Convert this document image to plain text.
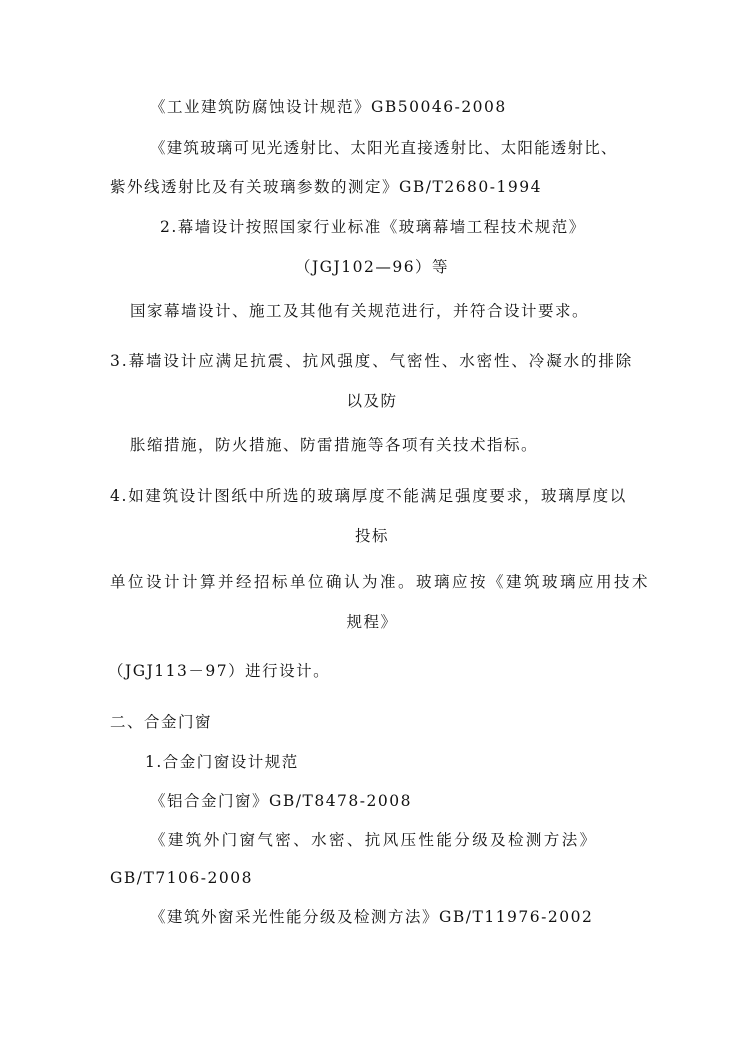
《工业建筑防腐蚀设计规范》GB50046-2008
《建筑玻璃可见光透射比、太阳光直接透射比、太阳能透射比、
紫外线透射比及有关玻璃参数的测定》GB/T2680-1994
2.幕墙设计按照国家行业标准《玻璃幕墙工程技术规范》
（JGJ102—96）等
国家幕墙设计、施工及其他有关规范进行，并符合设计要求。
3.幕墙设计应满足抗震、抗风强度、气密性、水密性、冷凝水的排除
以及防
胀缩措施，防火措施、防雷措施等各项有关技术指标。
4.如建筑设计图纸中所选的玻璃厚度不能满足强度要求，玻璃厚度以
投标
单位设计计算并经招标单位确认为准。玻璃应按《建筑玻璃应用技术
规程》
（JGJ113－97）进行设计。
二、合金门窗
1.合金门窗设计规范
《铝合金门窗》GB/T8478-2008
《建筑外门窗气密、水密、抗风压性能分级及检测方法》
GB/T7106-2008
《建筑外窗采光性能分级及检测方法》GB/T11976-2002
